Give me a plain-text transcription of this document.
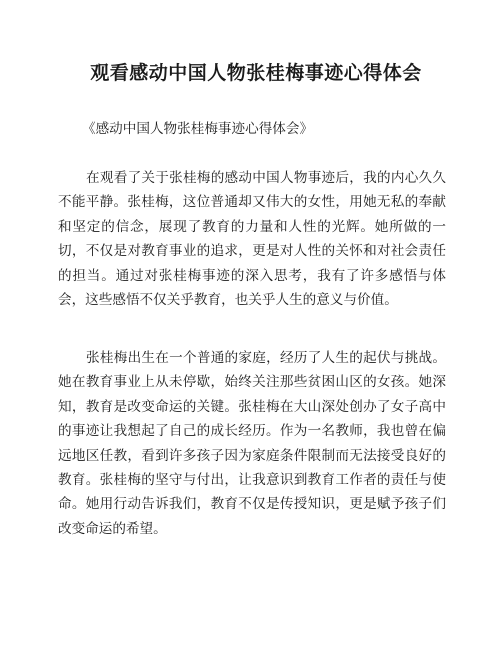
观看感动中国人物张桂梅事迹心得体会

《感动中国人物张桂梅事迹心得体会》

在观看了关于张桂梅的感动中国人物事迹后，我的内心久久不能平静。张桂梅，这位普通却又伟大的女性，用她无私的奉献和坚定的信念，展现了教育的力量和人性的光辉。她所做的一切，不仅是对教育事业的追求，更是对人性的关怀和对社会责任的担当。通过对张桂梅事迹的深入思考，我有了许多感悟与体会，这些感悟不仅关乎教育，也关乎人生的意义与价值。

张桂梅出生在一个普通的家庭，经历了人生的起伏与挑战。她在教育事业上从未停歇，始终关注那些贫困山区的女孩。她深知，教育是改变命运的关键。张桂梅在大山深处创办了女子高中的事迹让我想起了自己的成长经历。作为一名教师，我也曾在偏远地区任教，看到许多孩子因为家庭条件限制而无法接受良好的教育。张桂梅的坚守与付出，让我意识到教育工作者的责任与使命。她用行动告诉我们，教育不仅是传授知识，更是赋予孩子们改变命运的希望。
